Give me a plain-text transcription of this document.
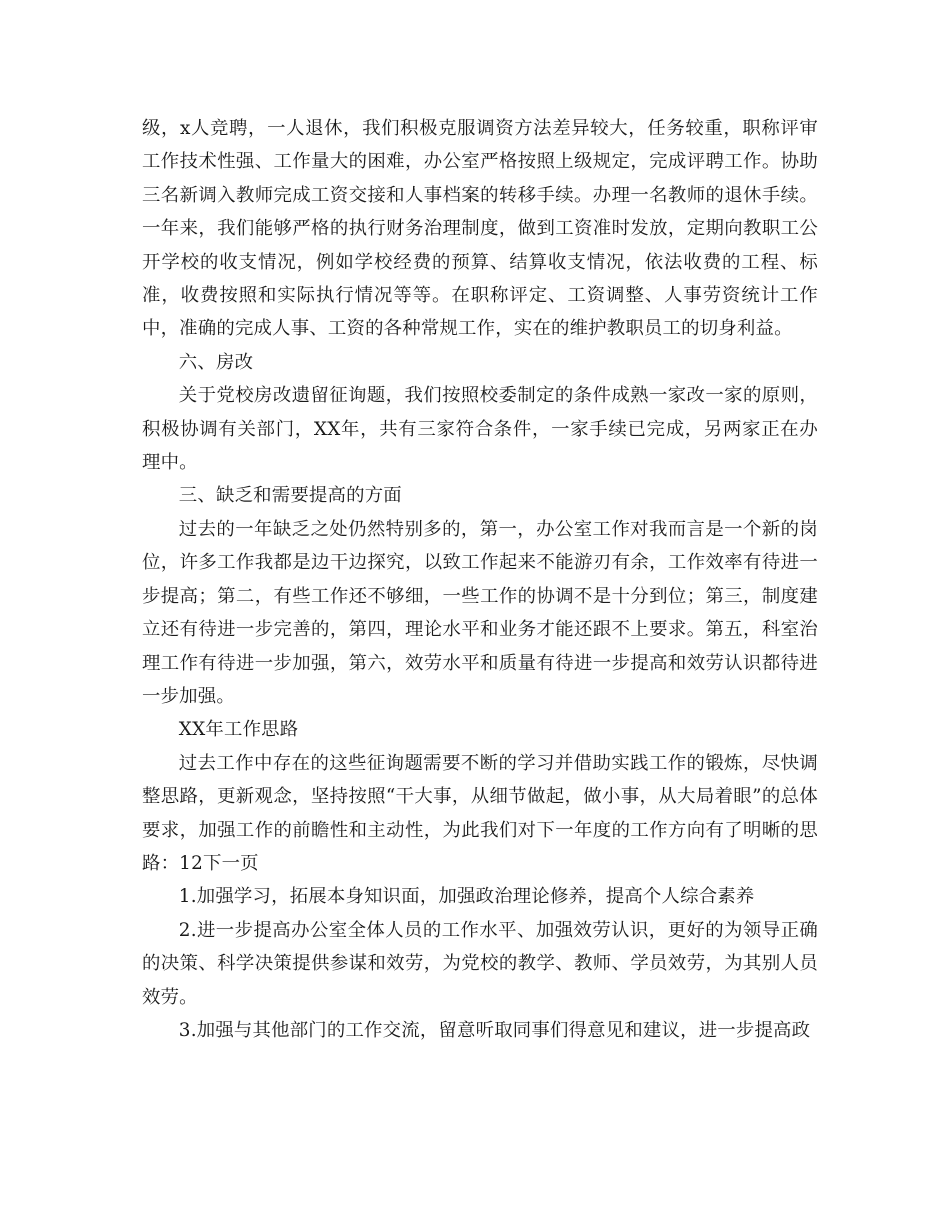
级，x人竞聘，一人退休，我们积极克服调资方法差异较大，任务较重，职称评审工作技术性强、工作量大的困难，办公室严格按照上级规定，完成评聘工作。协助三名新调入教师完成工资交接和人事档案的转移手续。办理一名教师的退休手续。一年来，我们能够严格的执行财务治理制度，做到工资准时发放，定期向教职工公开学校的收支情况，例如学校经费的预算、结算收支情况，依法收费的工程、标准，收费按照和实际执行情况等等。在职称评定、工资调整、人事劳资统计工作中，准确的完成人事、工资的各种常规工作，实在的维护教职员工的切身利益。

六、房改

关于党校房改遗留征询题，我们按照校委制定的条件成熟一家改一家的原则，积极协调有关部门，XX年，共有三家符合条件，一家手续已完成，另两家正在办理中。

三、缺乏和需要提高的方面

过去的一年缺乏之处仍然特别多的，第一，办公室工作对我而言是一个新的岗位，许多工作我都是边干边探究，以致工作起来不能游刃有余，工作效率有待进一步提高；第二，有些工作还不够细，一些工作的协调不是十分到位；第三，制度建立还有待进一步完善的，第四，理论水平和业务才能还跟不上要求。第五，科室治理工作有待进一步加强，第六，效劳水平和质量有待进一步提高和效劳认识都待进一步加强。

XX年工作思路

过去工作中存在的这些征询题需要不断的学习并借助实践工作的锻炼，尽快调整思路，更新观念，坚持按照“干大事，从细节做起，做小事，从大局着眼”的总体要求，加强工作的前瞻性和主动性，为此我们对下一年度的工作方向有了明晰的思路：12下一页

1.加强学习，拓展本身知识面，加强政治理论修养，提高个人综合素养

2.进一步提高办公室全体人员的工作水平、加强效劳认识，更好的为领导正确的决策、科学决策提供参谋和效劳，为党校的教学、教师、学员效劳，为其别人员效劳。

3.加强与其他部门的工作交流，留意听取同事们得意见和建议，进一步提高政
